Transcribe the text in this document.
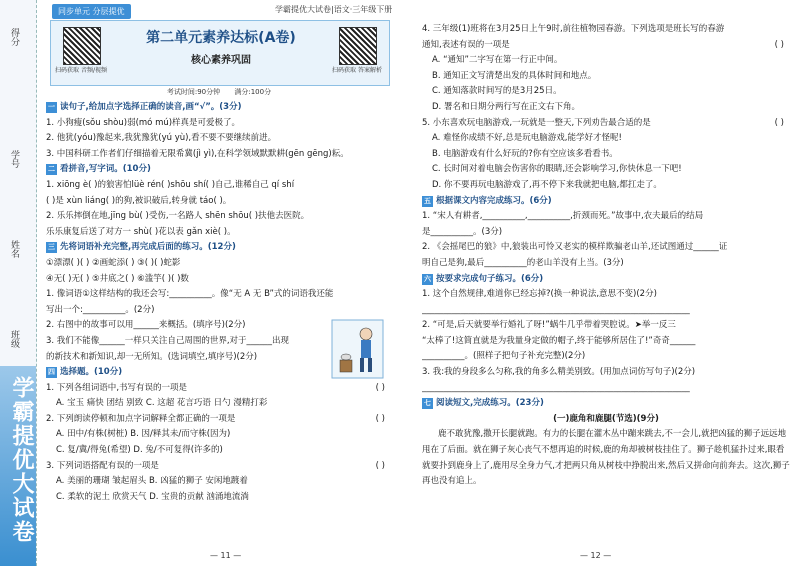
得分
学号
姓名
班级
学霸提优大试卷
同步单元 分层提优	学霸提优大试卷|语文·三年级下册
扫码获取 音频/视频
第二单元素养达标(A卷)
核心素养巩固
扫码获取 答案解析
考试时间:90分钟 满分:100分
一 读句子,给加点字选择正确的读音,画“√”。(3分)
1. 小狗瘦(sǒu shòu)弱(mó mú)样真是可爱极了。
2. 他犹(yóu)豫起来,我犹豫犹(yú yù),看不要不要继续前进。
3. 中国科研工作者们仔细描着无限希冀(jì yì),在科学领域默默耕(gēn gēng)耘。
二 看拼音,写字词。(10分)
1. xiōng è( )的狼害怕lüè rén( )shōu shí( )自己,谁稀自己 qí shí
( )是 xùn liáng( )的狗,被识破后,转身就 táo( )。
2. 乐乐摔倒在地,jīng bù( )受伤,一名路人 shēn shōu( )扶他去医院。
乐乐康复后送了对方一 shù( )花以表 gǎn xiè( )。
三 先将词语补充完整,再完成后面的练习。(12分)
①漂漂( )( ) ②画蛇添( ) ③( )( )蛇影
④无( )无( ) ⑤井底之( ) ⑥滥竽( )( )数
1. 像词语①这样结构的我还会写:__________。像“无 A 无 B”式的词语我还能
写出一个:__________。(2分)
2. 右图中的故事可以用______来概括。(填序号)(2分)
3. 我们不能像______一样只关注自己周围的世界,对于______出现
的新技术和新知识,却一无所知。(选词填空,填序号)(2分)
四 选择题。(10分)
( )
1. 下列各组词语中,书写有误的一项是
A. 宝玉 痛快 团结 别致 C. 这超 花言巧语 日勺 漫精打彩
( )
2. 下列朗读停顿和加点字词解释全都正确的一项是
A. 田中/有株(树桩) B. 因/释其未/而守株(因为)
C. 复/冀/得兔(希望) D. 兔/不可复得(许多的)
( )
3. 下列词语搭配有误的一项是
A. 美丽的珊瑚 皱起眉头 B. 凶猛的狮子 安闲地踱着
C. 柔软的泥土 欣赏天气 D. 宝贵的贡献 汹涌地流淌
— 11 —
4. 三年级(1)班将在3月25日上午9时,前往植物园春游。下列选项是班长写的春游
( )
通知,表述有误的一项是
A. “通知”二字写在第一行正中间。
B. 通知正文写清楚出发的具体时间和地点。
C. 通知落款时间写的是3月25日。
D. 署名和日期分两行写在正文右下角。
( )
5. 小东喜欢玩电脑游戏,一玩就是一整天,下列劝告最合适的是
A. 难怪你成绩不好,总是玩电脑游戏,能学好才怪呢!
B. 电脑游戏有什么好玩的?你有空应该多看看书。
C. 长时间对着电脑会伤害你的眼睛,还会影响学习,你快休息一下吧!
D. 你不要再玩电脑游戏了,再不停下来我就把电脑,都扛走了。
五 根据课文内容完成练习。(6分)
1. “宋人有耕者,__________,__________,折颈而死。”故事中,农夫最后的结局
是__________。(3分)
2. 《会摇尾巴的狼》中,狼装出可怜又老实的模样欺骗老山羊,还试图通过______证
明自己是狗,最后__________的老山羊没有上当。(3分)
六 按要求完成句子练习。(6分)
1. 这个自然规律,难道你已经忘掉?(换一种说法,意思不变)(2分)
_______________________________________________________________
2. “可是,后天就要举行婚礼了呀!”蜗牛几乎带着哭腔说。➤举一反三
“太棒了!这简直就是为我量身定做的帽子,终于能够所居住了!”奇奇______
__________。(照样子把句子补充完整)(2分)
3. 我:我的身段多么匀称,我的角多么精美别致。(用加点词仿写句子)(2分)
_______________________________________________________________
七 阅读短文,完成练习。(23分)
(一)鹿角和鹿腿(节选)(9分)
鹿不敢犹豫,撒开长腿就跑。有力的长腿在灌木丛中蹦来跳去,不一会儿,就把凶猛的狮子远远地甩在了后面。就在狮子灰心丧气不想再追的时候,鹿的角却被树枝挂住了。狮子趁机猛扑过来,眼看就要扑到鹿身上了,鹿用尽全身力气,才把两只角从树枝中挣脱出来,然后又拼命向前奔去。这次,狮子再也没有追上。
— 12 —
